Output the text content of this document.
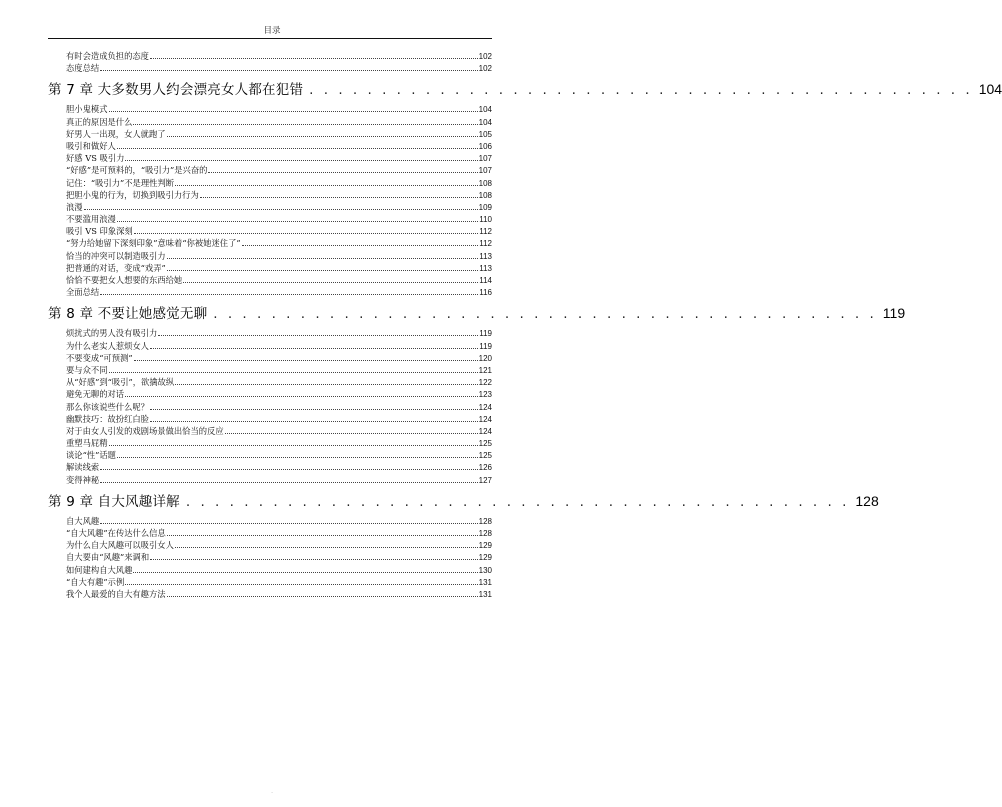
目录
有时会造成负担的态度	102
态度总结	102
第 7 章 大多数男人约会漂亮女人都在犯错 . . . . . . . . . . . . . . . . . . . . . . . . . . . . . . . . . . . . . . . . . . . . . . 104
胆小鬼模式	104
真正的原因是什么	104
好男人一出现，女人就跑了	105
吸引和做好人	106
好感 VS 吸引力	107
“好感”是可预料的，“吸引力”是兴奋的	107
记住：“吸引力”不是理性判断	108
把胆小鬼的行为，切换到吸引力行为	108
浪漫	109
不要滥用浪漫	110
吸引 VS 印象深刻	112
“努力给她留下深刻印象”意味着“你被她迷住了”	112
恰当的冲突可以制造吸引力	113
把普通的对话，变成“戏弄”	113
恰恰不要把女人想要的东西给她	114
全面总结	116
第 8 章 不要让她感觉无聊 . . . . . . . . . . . . . . . . . . . . . . . . . . . . . . . . . . . . . . . . . . . . . . 119
烦扰式的男人没有吸引力	119
为什么老实人惹烦女人	119
不要变成“可预测”	120
要与众不同	121
从“好感”到“吸引”，欲擒故纵	122
避免无聊的对话	123
那么你该说些什么呢？	124
幽默技巧：故扮红白脸	124
对于由女人引发的戏剧场景做出恰当的反应	124
重塑马屁精	125
谈论“性”话题	125
解读线索	126
变得神秘	127
第 9 章 自大风趣详解 . . . . . . . . . . . . . . . . . . . . . . . . . . . . . . . . . . . . . . . . . . . . . . 128
自大风趣	128
“自大风趣”在传达什么信息	128
为什么自大风趣可以吸引女人	129
自大要由“风趣”来调和	129
如何建构自大风趣	130
“自大有趣”示例	131
我个人最爱的自大有趣方法	131
·
